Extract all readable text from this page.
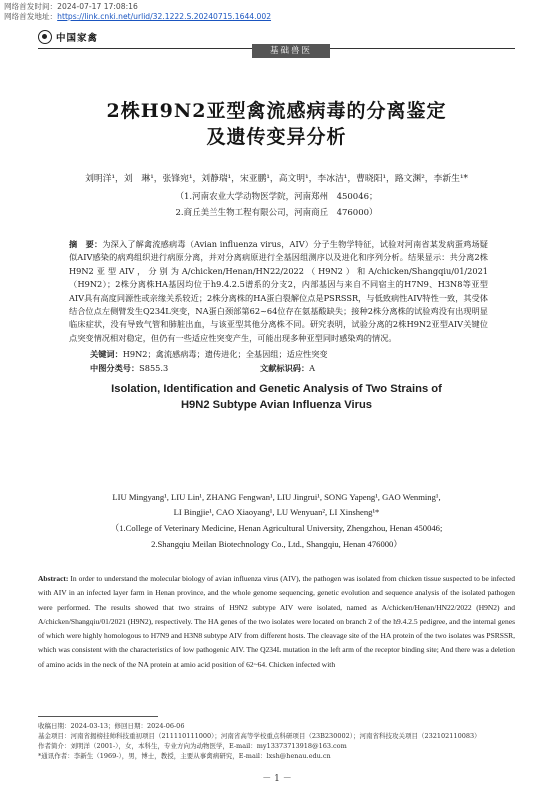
网络首发时间：2024-07-17 17:08:16
网络首发地址：https://link.cnki.net/urlid/32.1222.S.20240715.1644.002
中国家禽
基础兽医
2株H9N2亚型禽流感病毒的分离鉴定
及遗传变异分析
刘明洋¹，刘　琳¹，张锋宛¹，刘静瑞¹，宋亚鹏¹，高文明¹，李冰洁¹，曹晓阳¹，路文渊²，李新生¹*
（1.河南农业大学动物医学院，河南郑州　450046；
2.商丘美兰生物工程有限公司，河南商丘　476000）
摘　要：为深入了解禽流感病毒（Avian influenza virus，AIV）分子生物学特征，试验对河南省某发病蛋鸡场疑似AIV感染的病鸡组织进行病原分离，并对分离病原进行全基因组测序以及进化和序列分析。结果显示：共分离2株H9N2亚型AIV，分别为A/chicken/Henan/HN22/2022（H9N2）和A/chicken/Shangqiu/01/2021（H9N2）；2株分离株HA基因均位于h9.4.2.5谱系的分支2，内部基因与来自不同宿主的H7N9、H3N8等亚型AIV具有高度同源性或亲缘关系较近；2株分离株的HA蛋白裂解位点是PSRSSR，与低致病性AIV特性一致，其受体结合位点左侧臂发生Q234L突变，NA蛋白颈部第62~64位存在氨基酸缺失；接种2株分离株的试验鸡没有出现明显临床症状，没有导致气管和肺脏出血，与该亚型其他分离株不同。研究表明，试验分离的2株H9N2亚型AIV关键位点突变情况相对稳定，但仍有一些适应性突变产生，可能出现多种亚型同时感染鸡的情况。
关键词：H9N2；禽流感病毒；遗传进化；全基因组；适应性突变
中图分类号：S855.3	文献标识码：A
Isolation, Identification and Genetic Analysis of Two Strains of
H9N2 Subtype Avian Influenza Virus
LIU Mingyang¹, LIU Lin¹, ZHANG Fengwan¹, LIU Jingrui¹, SONG Yapeng¹, GAO Wenming¹,
LI Bingjie¹, CAO Xiaoyang¹, LU Wenyuan², LI Xinsheng¹*
（1.College of Veterinary Medicine, Henan Agricultural University, Zhengzhou, Henan 450046;
2.Shangqiu Meilan Biotechnology Co., Ltd., Shangqiu, Henan 476000）
Abstract: In order to understand the molecular biology of avian influenza virus (AIV), the pathogen was isolated from chicken tissue suspected to be infected with AIV in an infected layer farm in Henan province, and the whole genome sequencing, genetic evolution and sequence analysis of the isolated pathogen were performed. The results showed that two strains of H9N2 subtype AIV were isolated, named as A/chicken/Henan/HN22/2022 (H9N2) and A/chicken/Shangqiu/01/2021 (H9N2), respectively. The HA genes of the two isolates were located on branch 2 of the h9.4.2.5 pedigree, and the internal genes of which were highly homologous to H7N9 and H3N8 subtype AIV from different hosts. The cleavage site of the HA protein of the two isolates was PSRSSR, which was consistent with the characteristics of low pathogenic AIV. The Q234L mutation in the left arm of the receptor binding site; And there was a deletion of amino acids in the neck of the NA protein at amio acid position of 62~64. Chicken infected with
收稿日期：2024-03-13；修回日期：2024-06-06
基金项目：河南省揭榜挂帅科技重初项目（211110111000）；河南省高等学校重点科研项目（23B230002）；河南省科技攻关项目（232102110083）
作者简介：刘明洋（2001-），女，本科生，专业方向为动物医学，E-mail：my13373713918@163.com
*通讯作者：李新生（1969-），男，博士，教授，主要从事禽病研究，E-mail：lxsh@henau.edu.cn
－ 1 －
